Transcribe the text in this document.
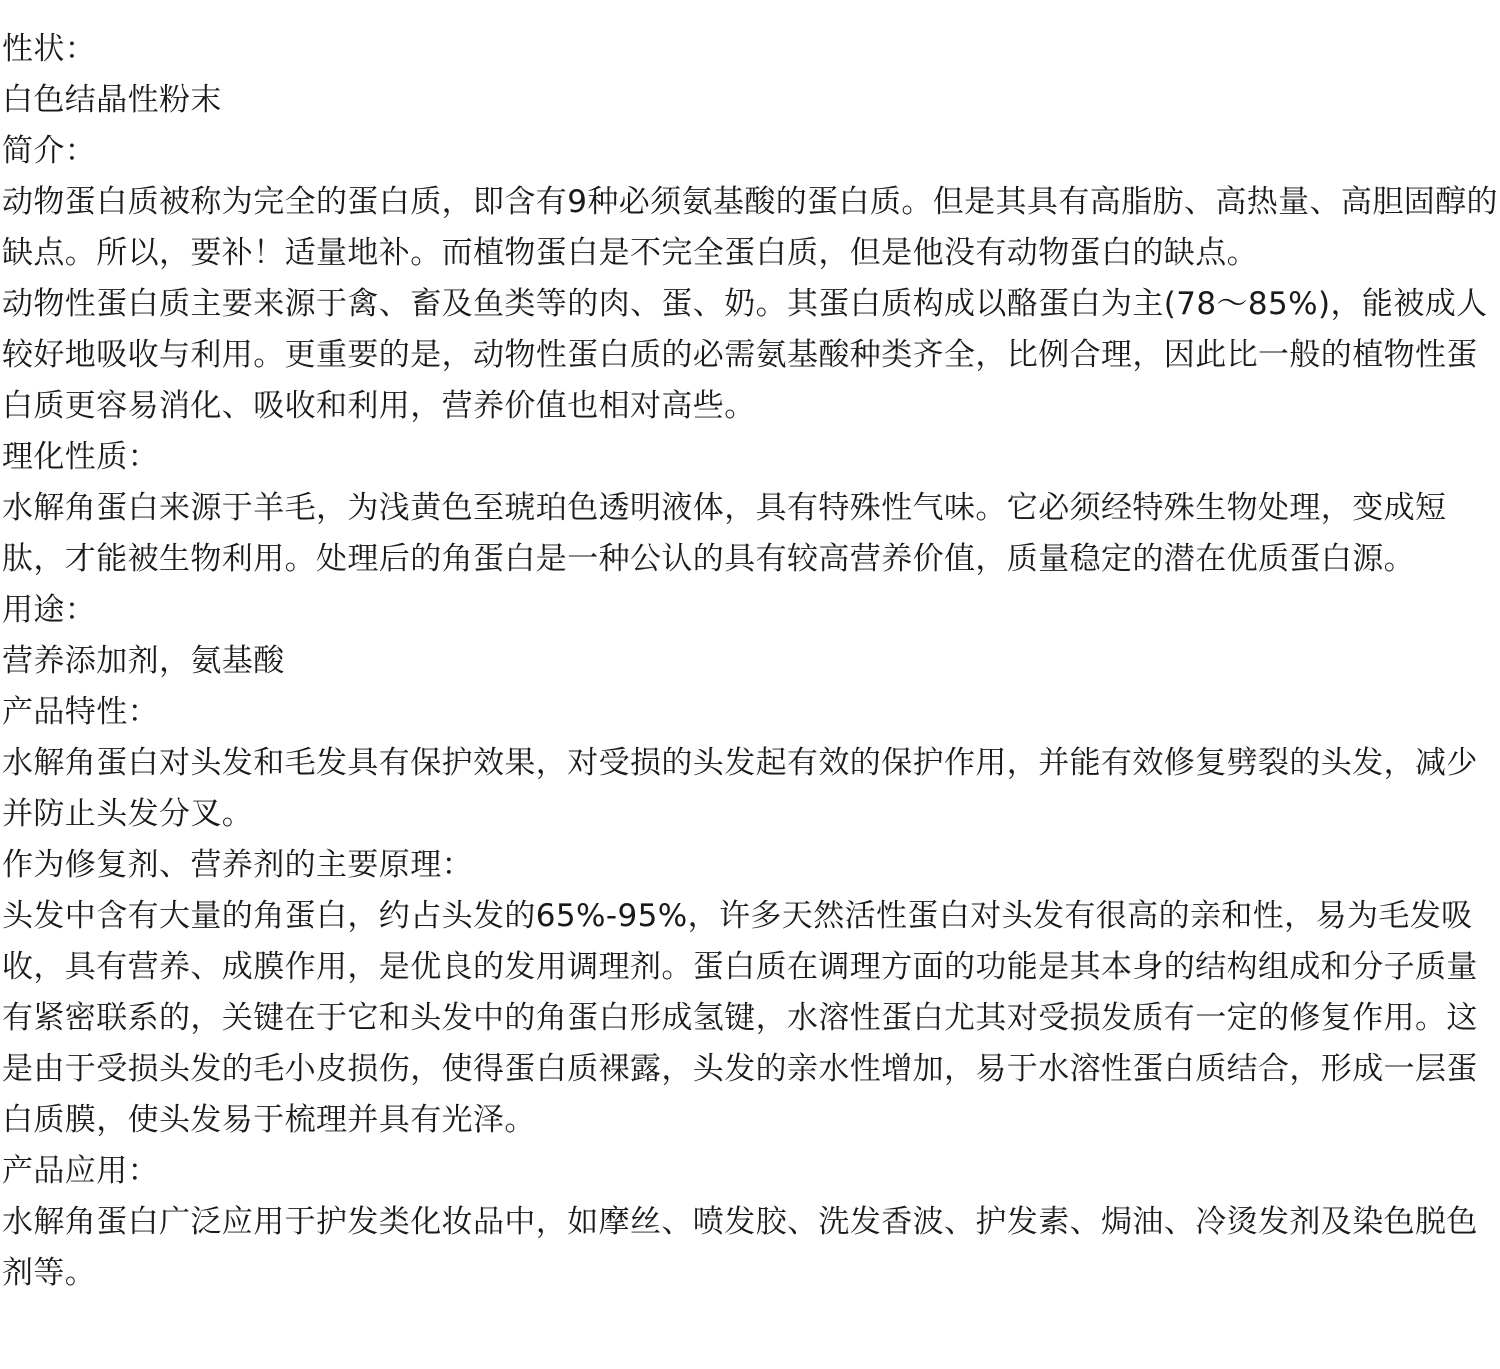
性状：

白色结晶性粉末

简介：

动物蛋白质被称为完全的蛋白质，即含有9种必须氨基酸的蛋白质。但是其具有高脂肪、高热量、高胆固醇的缺点。所以，要补！适量地补。而植物蛋白是不完全蛋白质，但是他没有动物蛋白的缺点。

动物性蛋白质主要来源于禽、畜及鱼类等的肉、蛋、奶。其蛋白质构成以酪蛋白为主(78～85%)，能被成人较好地吸收与利用。更重要的是，动物性蛋白质的必需氨基酸种类齐全，比例合理，因此比一般的植物性蛋白质更容易消化、吸收和利用，营养价值也相对高些。

理化性质：

水解角蛋白来源于羊毛，为浅黄色至琥珀色透明液体，具有特殊性气味。它必须经特殊生物处理，变成短肽，才能被生物利用。处理后的角蛋白是一种公认的具有较高营养价值，质量稳定的潜在优质蛋白源。

用途：

营养添加剂，氨基酸

产品特性：

水解角蛋白对头发和毛发具有保护效果，对受损的头发起有效的保护作用，并能有效修复劈裂的头发，减少并防止头发分叉。

作为修复剂、营养剂的主要原理：

头发中含有大量的角蛋白，约占头发的65%-95%，许多天然活性蛋白对头发有很高的亲和性，易为毛发吸收，具有营养、成膜作用，是优良的发用调理剂。蛋白质在调理方面的功能是其本身的结构组成和分子质量有紧密联系的，关键在于它和头发中的角蛋白形成氢键，水溶性蛋白尤其对受损发质有一定的修复作用。这是由于受损头发的毛小皮损伤，使得蛋白质裸露，头发的亲水性增加，易于水溶性蛋白质结合，形成一层蛋白质膜，使头发易于梳理并具有光泽。

产品应用：

水解角蛋白广泛应用于护发类化妆品中，如摩丝、喷发胶、洗发香波、护发素、焗油、冷烫发剂及染色脱色剂等。
